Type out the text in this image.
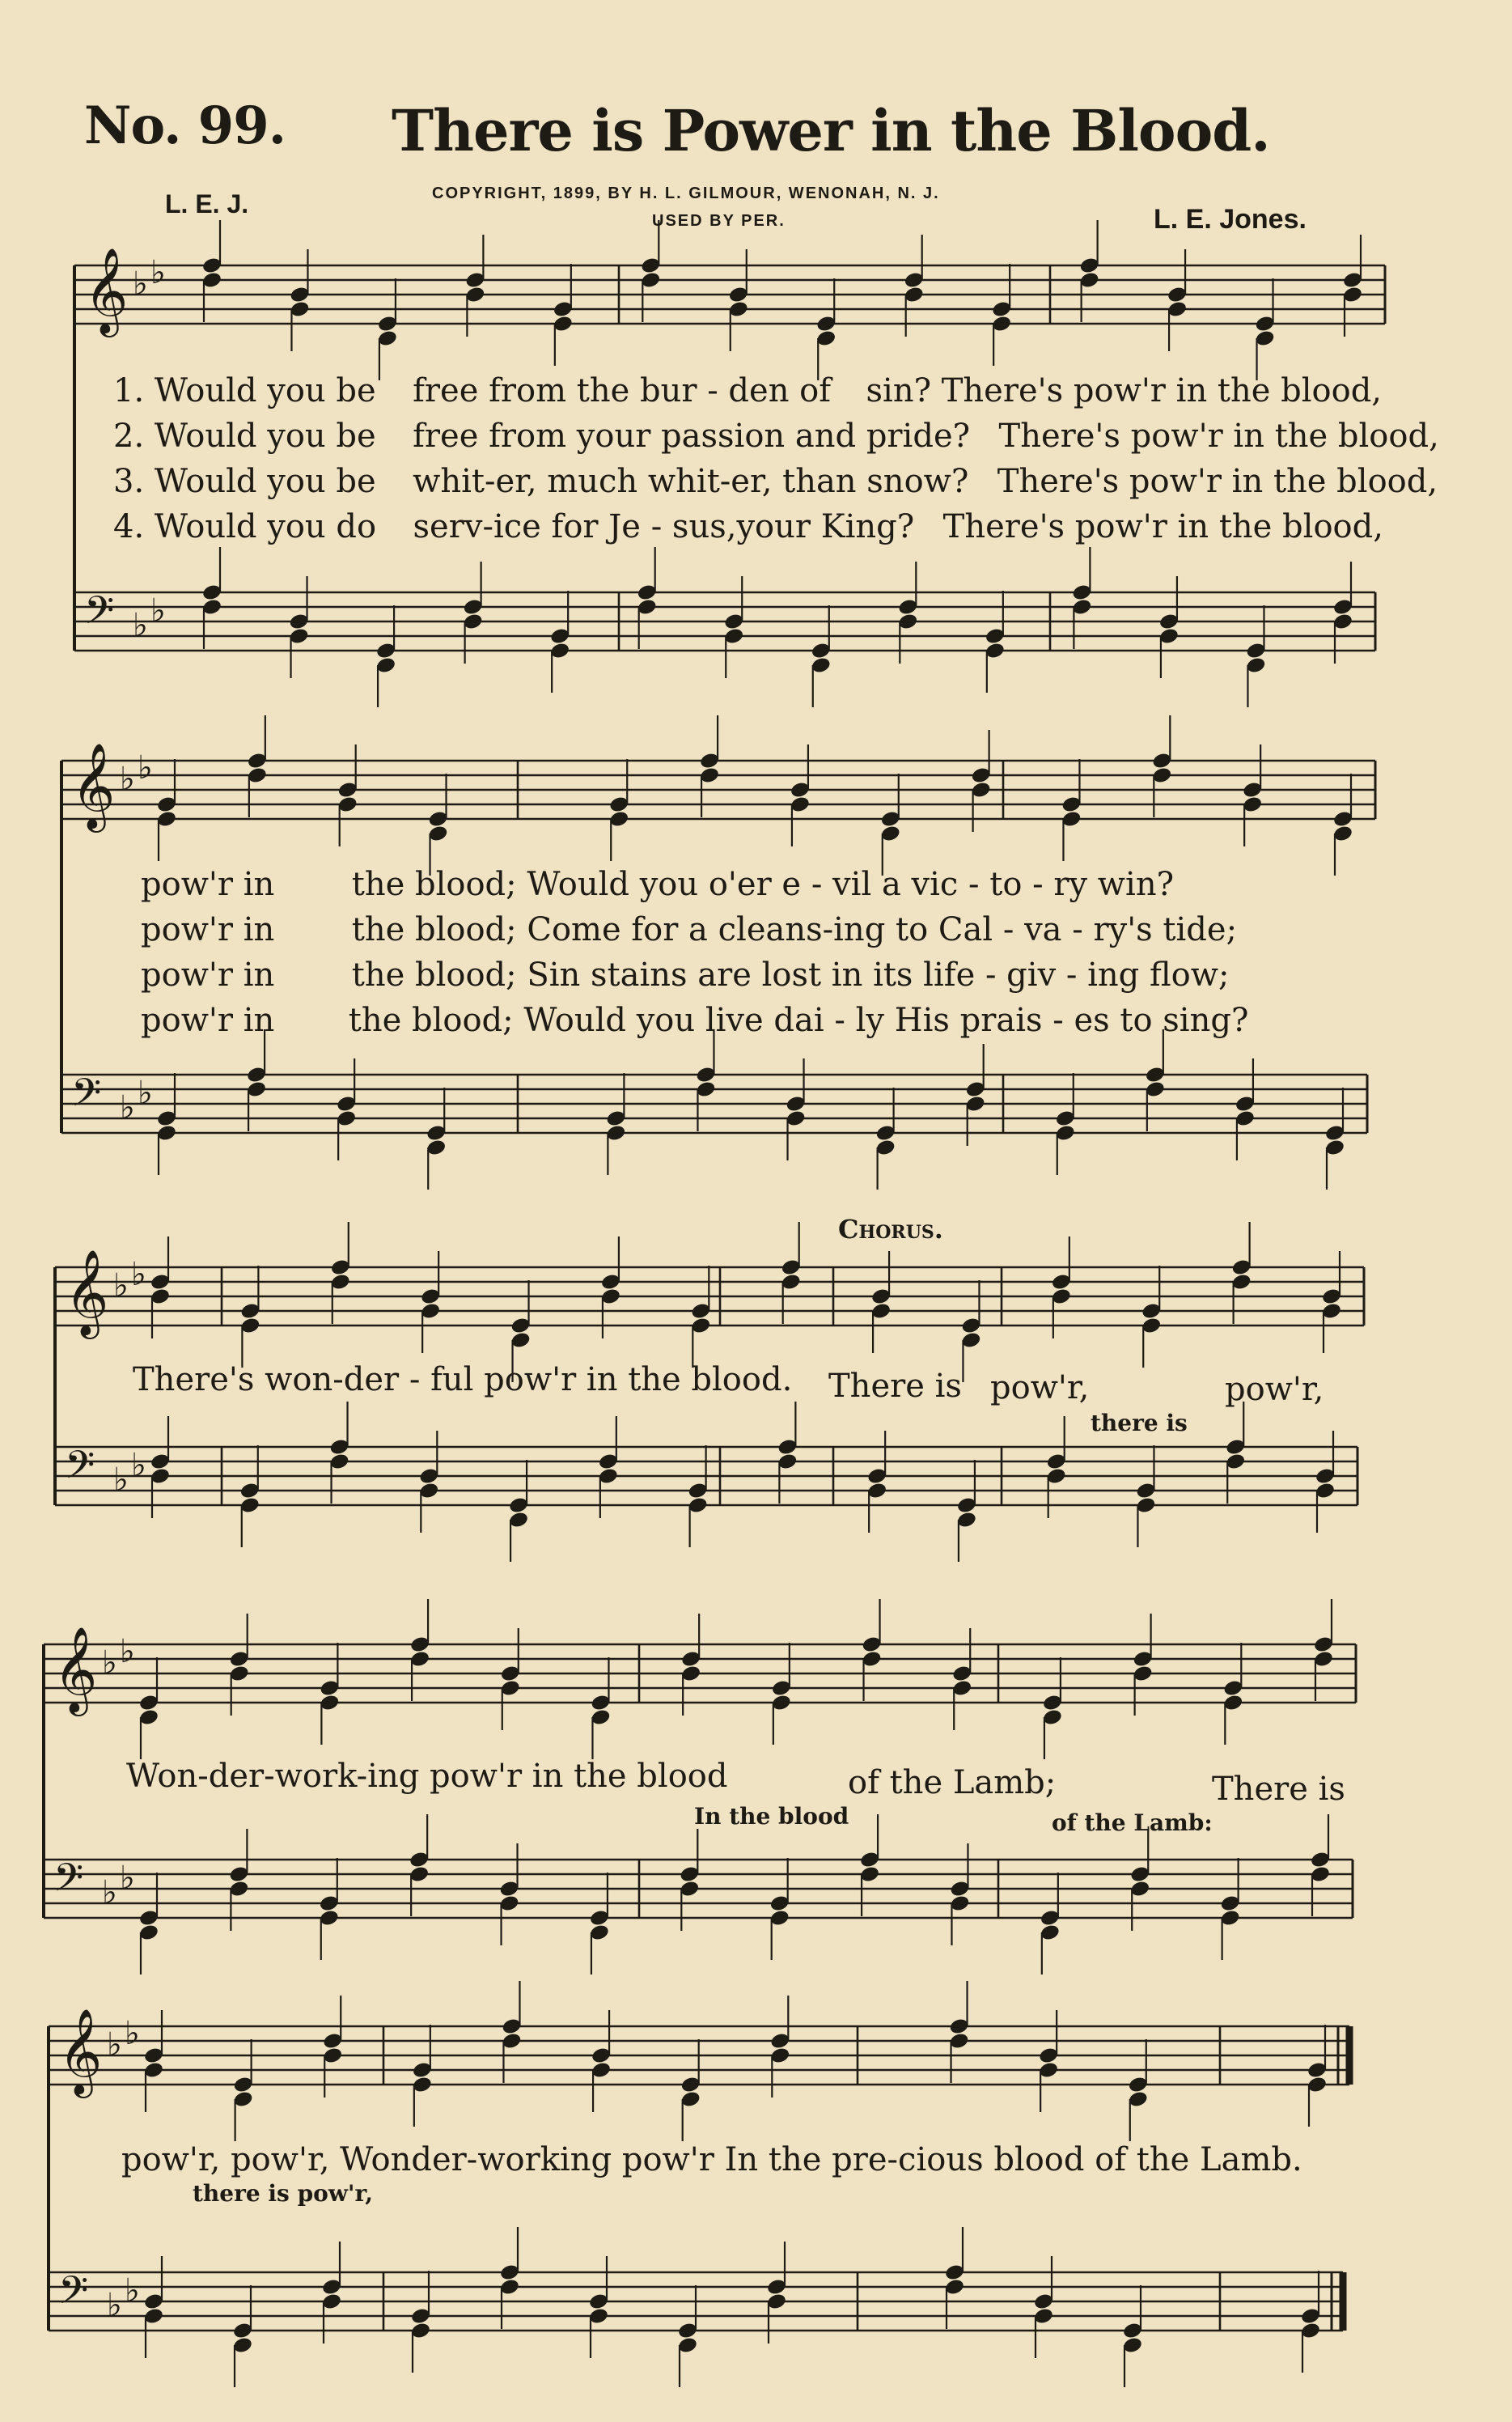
No. 99. There is Power in the Blood.
L. E. J.	COPYRIGHT, 1899, BY H. L. GILMOUR, WENONAH, N. J.
USED BY PER.	L. E. Jones.
𝄞 ♭ ♭
𝄢 ♭ ♭
𝄞 ♭ ♭
𝄢 ♭ ♭
𝄞 ♭ ♭
𝄢 ♭ ♭
𝄞 ♭ ♭
𝄢 ♭ ♭
𝄞 ♭ ♭
𝄢 ♭ ♭
1. Would you be free from the bur - den of sin? There's pow'r in the blood,
2. Would you be free from your passion and pride? There's pow'r in the blood,
3. Would you be whit-er, much whit-er, than snow? There's pow'r in the blood,
4. Would you do serv-ice for Je - sus,your King? There's pow'r in the blood,
pow'r in the blood; Would you o'er e - vil a vic - to - ry win?
pow'r in the blood; Come for a cleans-ing to Cal - va - ry's tide;
pow'r in the blood; Sin stains are lost in its life - giv - ing flow;
pow'r in the blood; Would you live dai - ly His prais - es to sing?
Chorus.
There's won-der - ful pow'r in the blood. There is pow'r,	pow'r,
there is
Won-der-work-ing pow'r in the blood	of the Lamb;	There is
In the blood	of the Lamb:
pow'r, pow'r, Wonder-working pow'r In the pre-cious blood of the Lamb.
there is pow'r,
